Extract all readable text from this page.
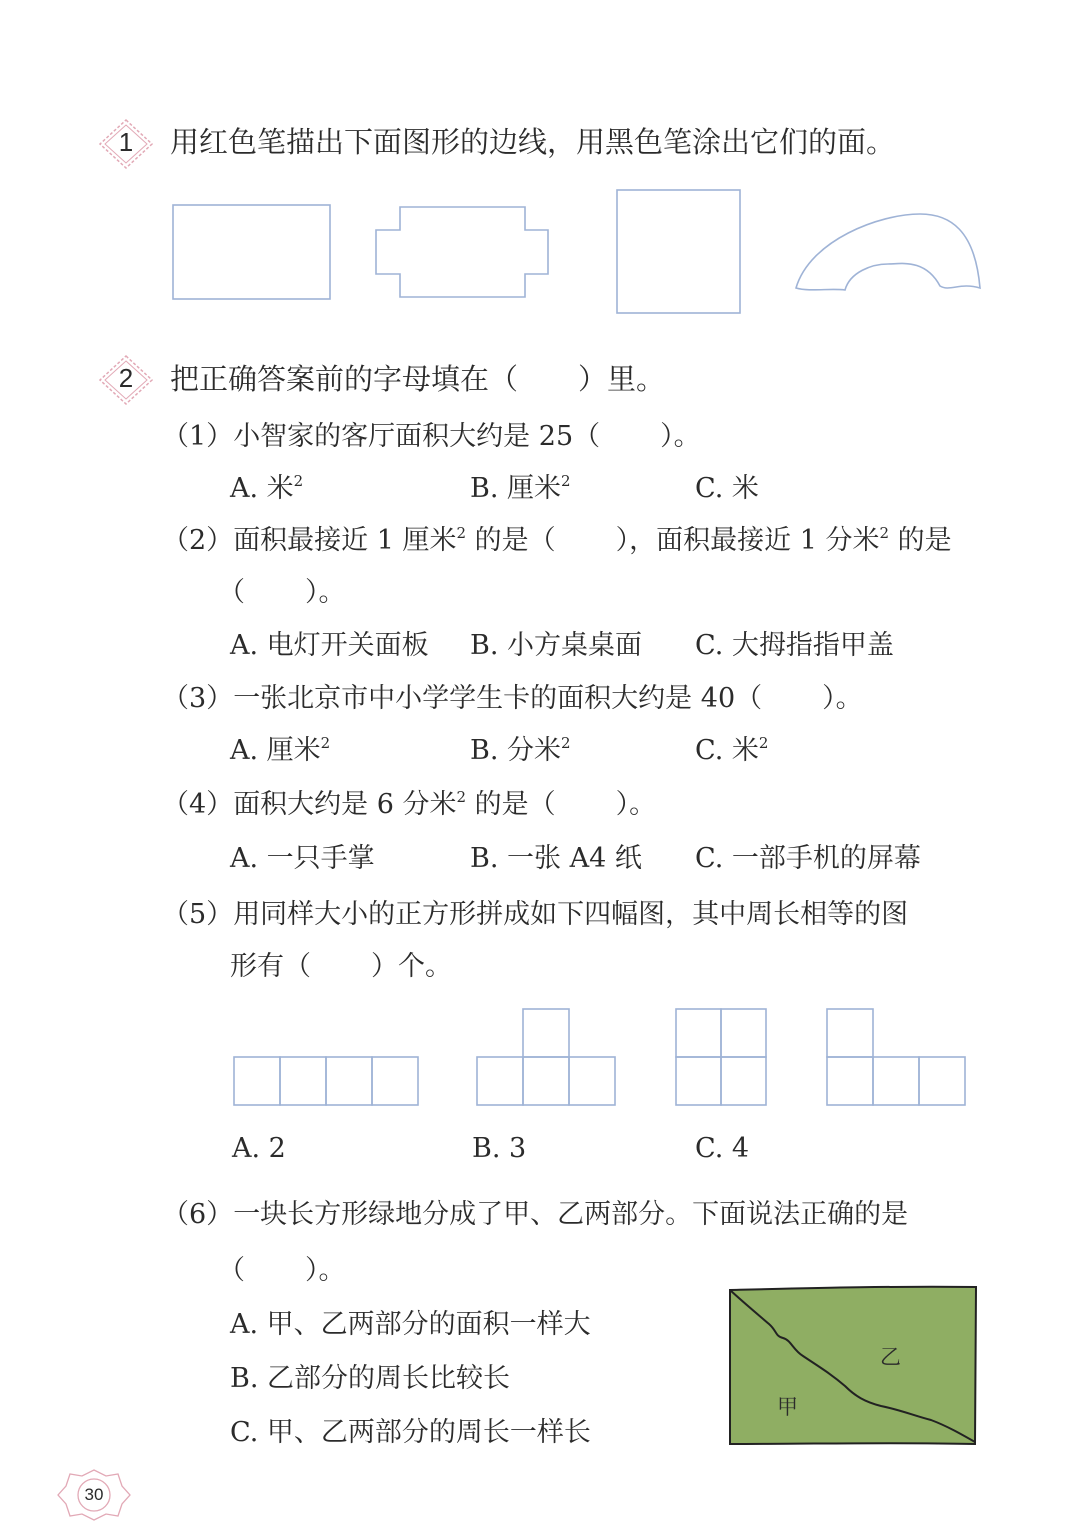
1 用红色笔描出下面图形的边线，用黑色笔涂出它们的面。
2 把正确答案前的字母填在（ ）里。
（1）小智家的客厅面积大约是 25（ ）。
A. 米$^2$	B. 厘米$^2$	C. 米
（2）面积最接近 1 厘米$^2$ 的是（ ），面积最接近 1 分米$^2$ 的是
（ ）。
A. 电灯开关面板 B. 小方桌桌面 C. 大拇指指甲盖
（3）一张北京市中小学学生卡的面积大约是 40（ ）。
A. 厘米$^2$	B. 分米$^2$	C. 米$^2$
（4）面积大约是 6 分米$^2$ 的是（ ）。
A. 一只手掌	B. 一张 A4 纸 C. 一部手机的屏幕
（5）用同样大小的正方形拼成如下四幅图，其中周长相等的图
形有（ ）个。
A. 2	B. 3	C. 4
（6）一块长方形绿地分成了甲、乙两部分。下面说法正确的是
（ ）。
A. 甲、乙两部分的面积一样大
B. 乙部分的周长比较长
C. 甲、乙两部分的周长一样长
甲
乙
30
